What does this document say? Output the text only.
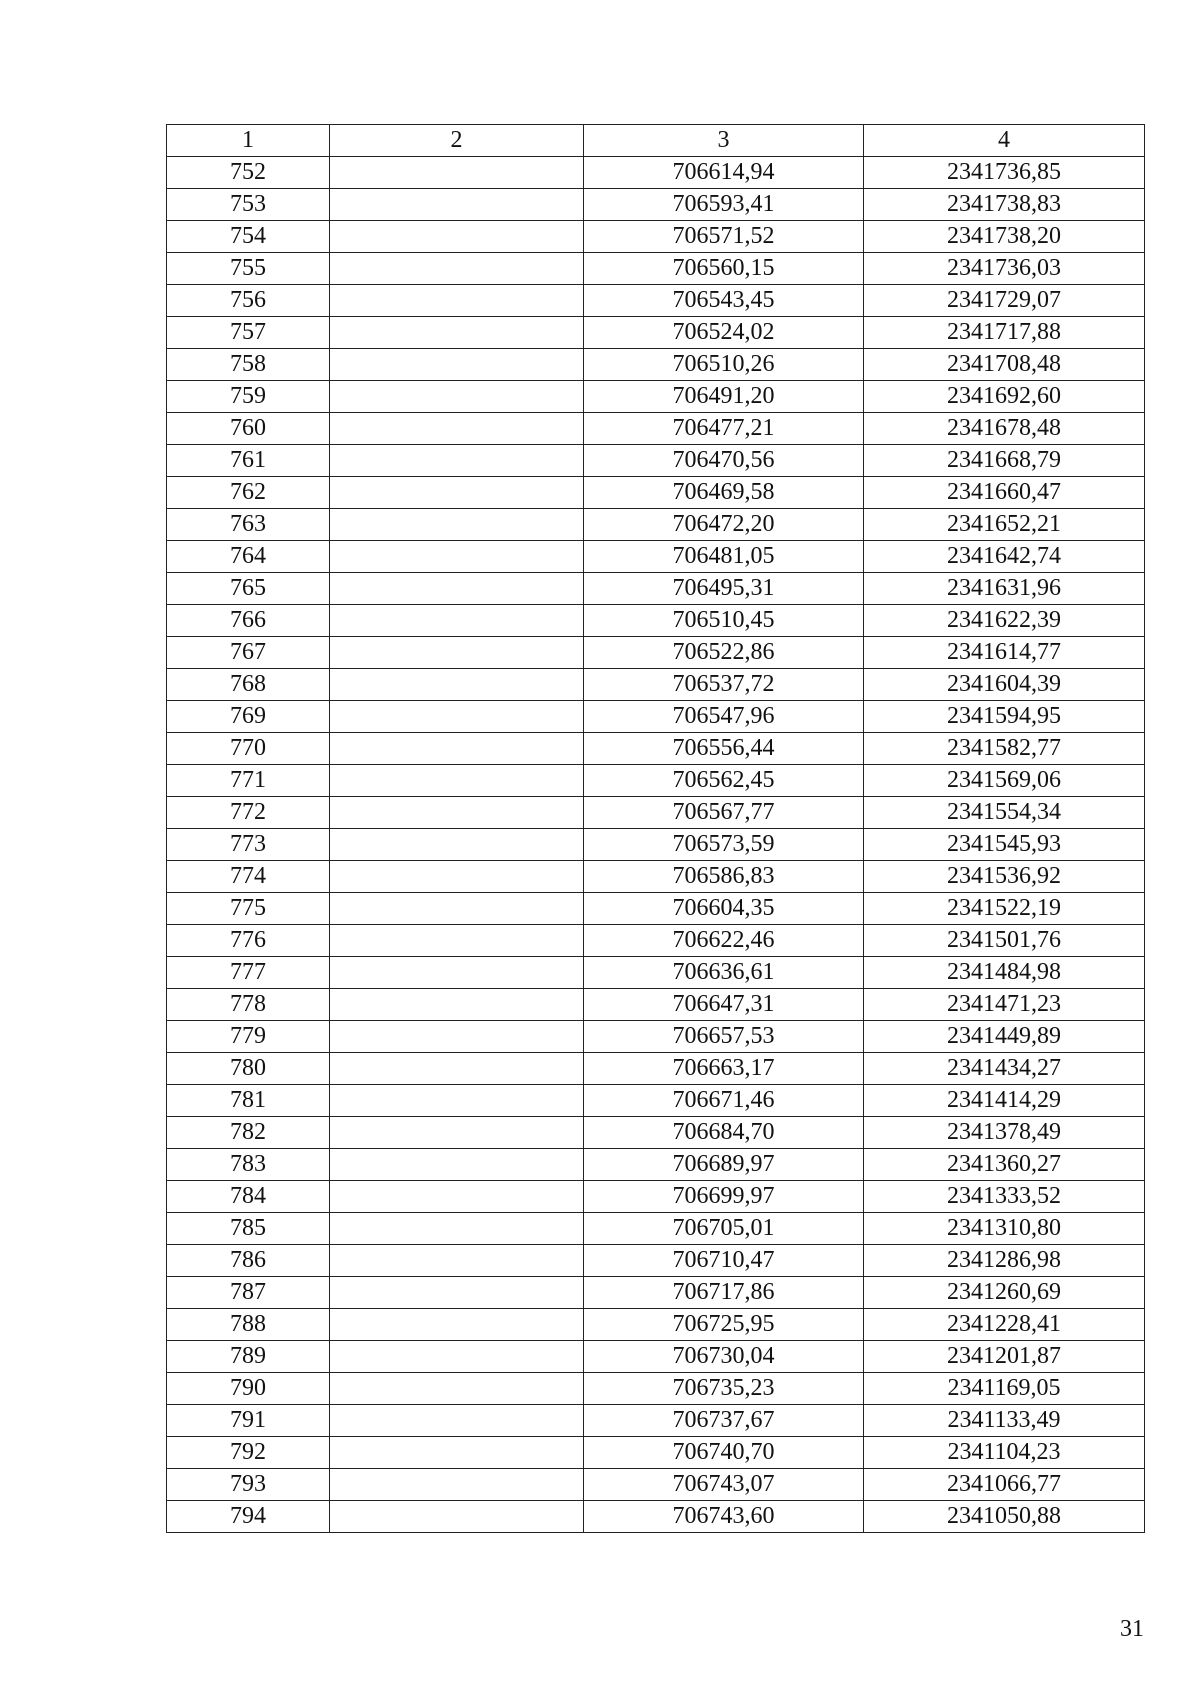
1	2	3	4
752		706614,94	2341736,85
753		706593,41	2341738,83
754		706571,52	2341738,20
755		706560,15	2341736,03
756		706543,45	2341729,07
757		706524,02	2341717,88
758		706510,26	2341708,48
759		706491,20	2341692,60
760		706477,21	2341678,48
761		706470,56	2341668,79
762		706469,58	2341660,47
763		706472,20	2341652,21
764		706481,05	2341642,74
765		706495,31	2341631,96
766		706510,45	2341622,39
767		706522,86	2341614,77
768		706537,72	2341604,39
769		706547,96	2341594,95
770		706556,44	2341582,77
771		706562,45	2341569,06
772		706567,77	2341554,34
773		706573,59	2341545,93
774		706586,83	2341536,92
775		706604,35	2341522,19
776		706622,46	2341501,76
777		706636,61	2341484,98
778		706647,31	2341471,23
779		706657,53	2341449,89
780		706663,17	2341434,27
781		706671,46	2341414,29
782		706684,70	2341378,49
783		706689,97	2341360,27
784		706699,97	2341333,52
785		706705,01	2341310,80
786		706710,47	2341286,98
787		706717,86	2341260,69
788		706725,95	2341228,41
789		706730,04	2341201,87
790		706735,23	2341169,05
791		706737,67	2341133,49
792		706740,70	2341104,23
793		706743,07	2341066,77
794		706743,60	2341050,88
31
